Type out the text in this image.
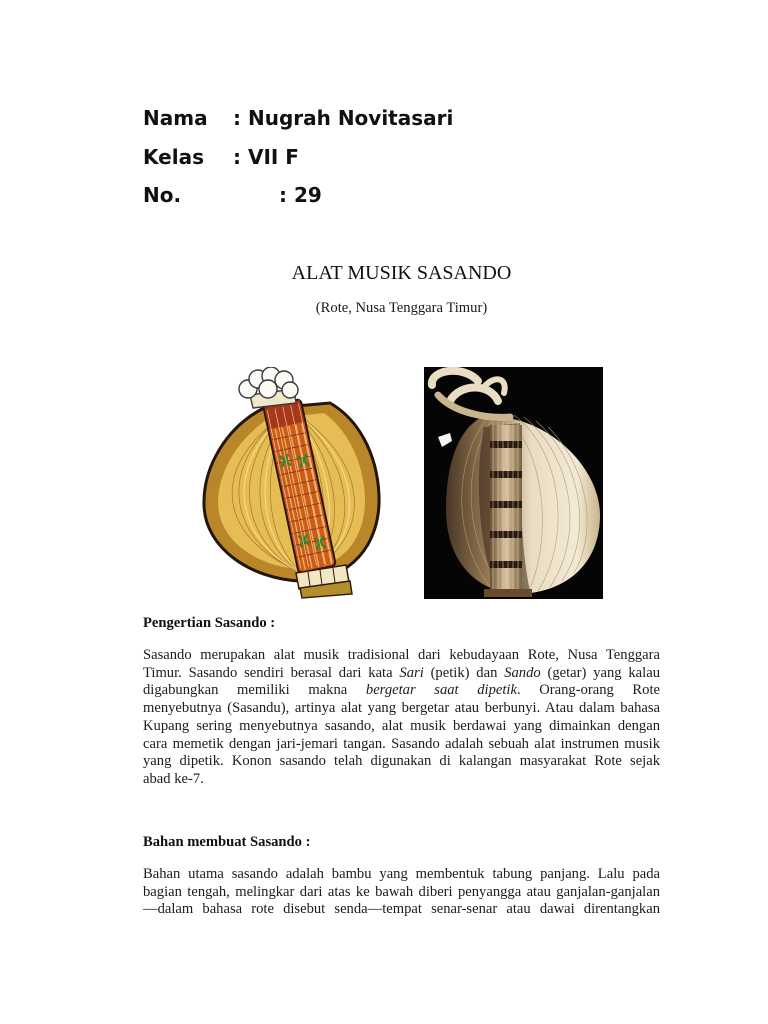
Nama : Nugrah Novitasari
Kelas : VII F
No.	: 29
ALAT MUSIK SASANDO
(Rote, Nusa Tenggara Timur)
Pengertian Sasando :
Sasando merupakan alat musik tradisional dari kebudayaan Rote, Nusa Tenggara
Timur. Sasando sendiri berasal dari kata Sari (petik) dan Sando (getar) yang kalau
digabungkan memiliki makna bergetar saat dipetik. Orang-orang Rote
menyebutnya (Sasandu), artinya alat yang bergetar atau berbunyi. Atau dalam bahasa
Kupang sering menyebutnya sasando, alat musik berdawai yang dimainkan dengan
cara memetik dengan jari-jemari tangan. Sasando adalah sebuah alat instrumen musik
yang dipetik. Konon sasando telah digunakan di kalangan masyarakat Rote sejak
abad ke-7.
Bahan membuat Sasando :
Bahan utama sasando adalah bambu yang membentuk tabung panjang. Lalu pada
bagian tengah, melingkar dari atas ke bawah diberi penyangga atau ganjalan-ganjalan
—dalam bahasa rote disebut senda—tempat senar-senar atau dawai direntangkan
